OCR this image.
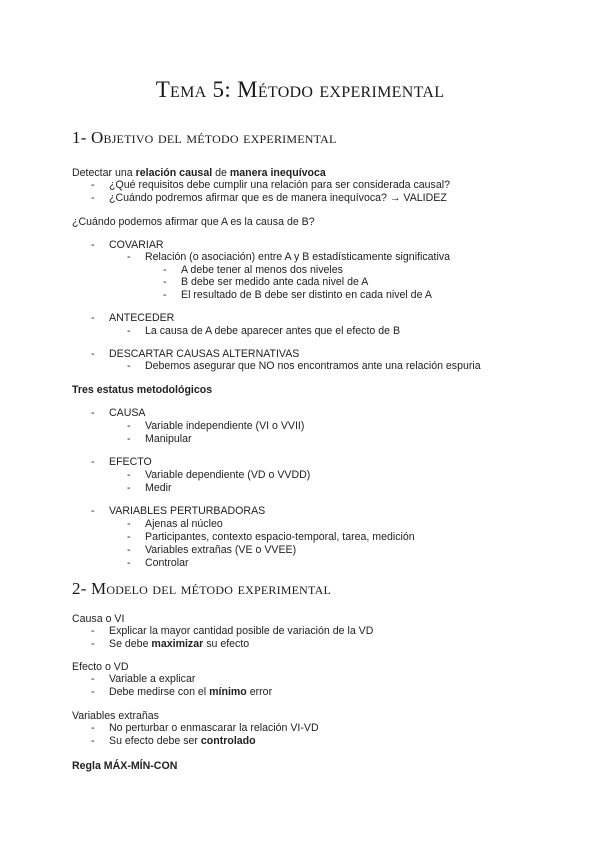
Tema 5: Método experimental
1- Objetivo del método experimental
Detectar una relación causal de manera inequívoca
- ¿Qué requisitos debe cumplir una relación para ser considerada causal?
- ¿Cuándo podremos afirmar que es de manera inequívoca? → VALIDEZ
¿Cuándo podemos afirmar que A es la causa de B?
- COVARIAR
- Relación (o asociación) entre A y B estadísticamente significativa
- A debe tener al menos dos niveles
- B debe ser medido ante cada nivel de A
- El resultado de B debe ser distinto en cada nivel de A
- ANTECEDER
- La causa de A debe aparecer antes que el efecto de B
- DESCARTAR CAUSAS ALTERNATIVAS
- Debemos asegurar que NO nos encontramos ante una relación espuria
Tres estatus metodológicos
- CAUSA
- Variable independiente (VI o VVII)
- Manipular
- EFECTO
- Variable dependiente (VD o VVDD)
- Medir
- VARIABLES PERTURBADORAS
- Ajenas al núcleo
- Participantes, contexto espacio-temporal, tarea, medición
- Variables extrañas (VE o VVEE)
- Controlar
2- Modelo del método experimental
Causa o VI
- Explicar la mayor cantidad posible de variación de la VD
- Se debe maximizar su efecto
Efecto o VD
- Variable a explicar
- Debe medirse con el mínimo error
Variables extrañas
- No perturbar o enmascarar la relación VI-VD
- Su efecto debe ser controlado
Regla MÁX-MÍN-CON
